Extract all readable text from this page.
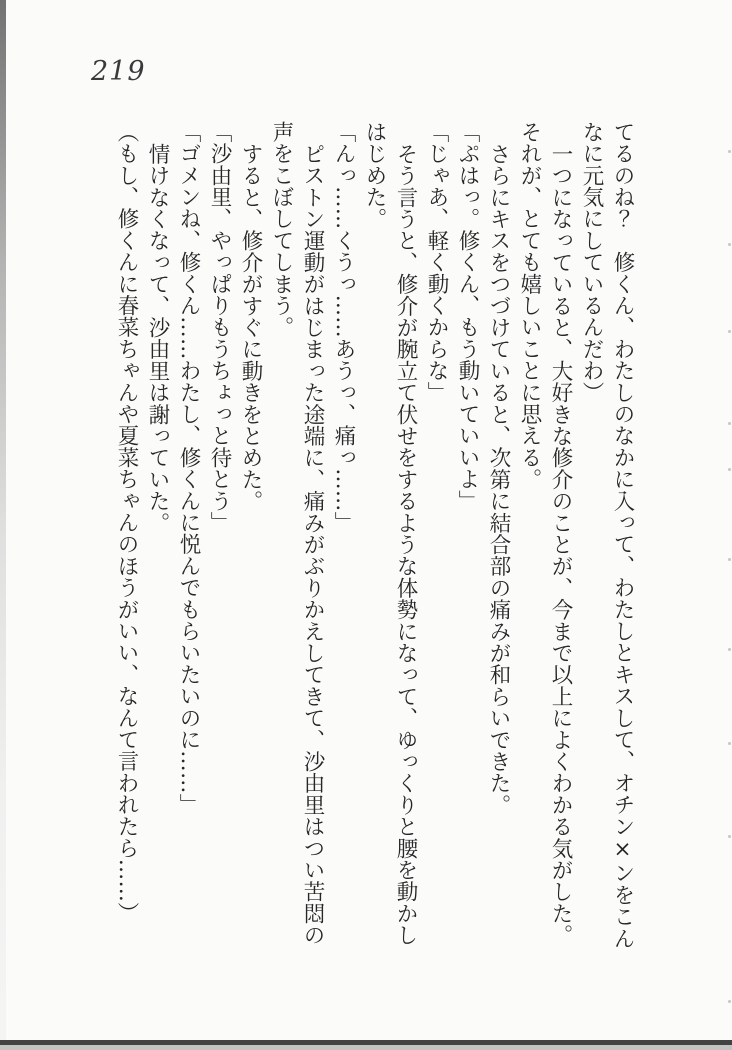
219

てるのね？　修くん、わたしのなかに入って、わたしとキスして、オチン×ンをこんなに元気にしているんだわ）

一つになっていると、大好きな修介のことが、今まで以上によくわかる気がした。それが、とても嬉しいことに思える。

さらにキスをつづけていると、次第に結合部の痛みが和らいできた。

「ぷはっ。修くん、もう動いていいよ」

「じゃあ、軽く動くからな」

そう言うと、修介が腕立て伏せをするような体勢になって、ゆっくりと腰を動かしはじめた。

「んっ……くうっ……あうっ、痛っ……」

ピストン運動がはじまった途端に、痛みがぶりかえしてきて、沙由里はつい苦悶の声をこぼしてしまう。

すると、修介がすぐに動きをとめた。

「沙由里、やっぱりもうちょっと待とう」

「ゴメンね、修くん……わたし、修くんに悦んでもらいたいのに……」

情けなくなって、沙由里は謝っていた。

（もし、修くんに春菜ちゃんや夏菜ちゃんのほうがいい、なんて言われたら……）
